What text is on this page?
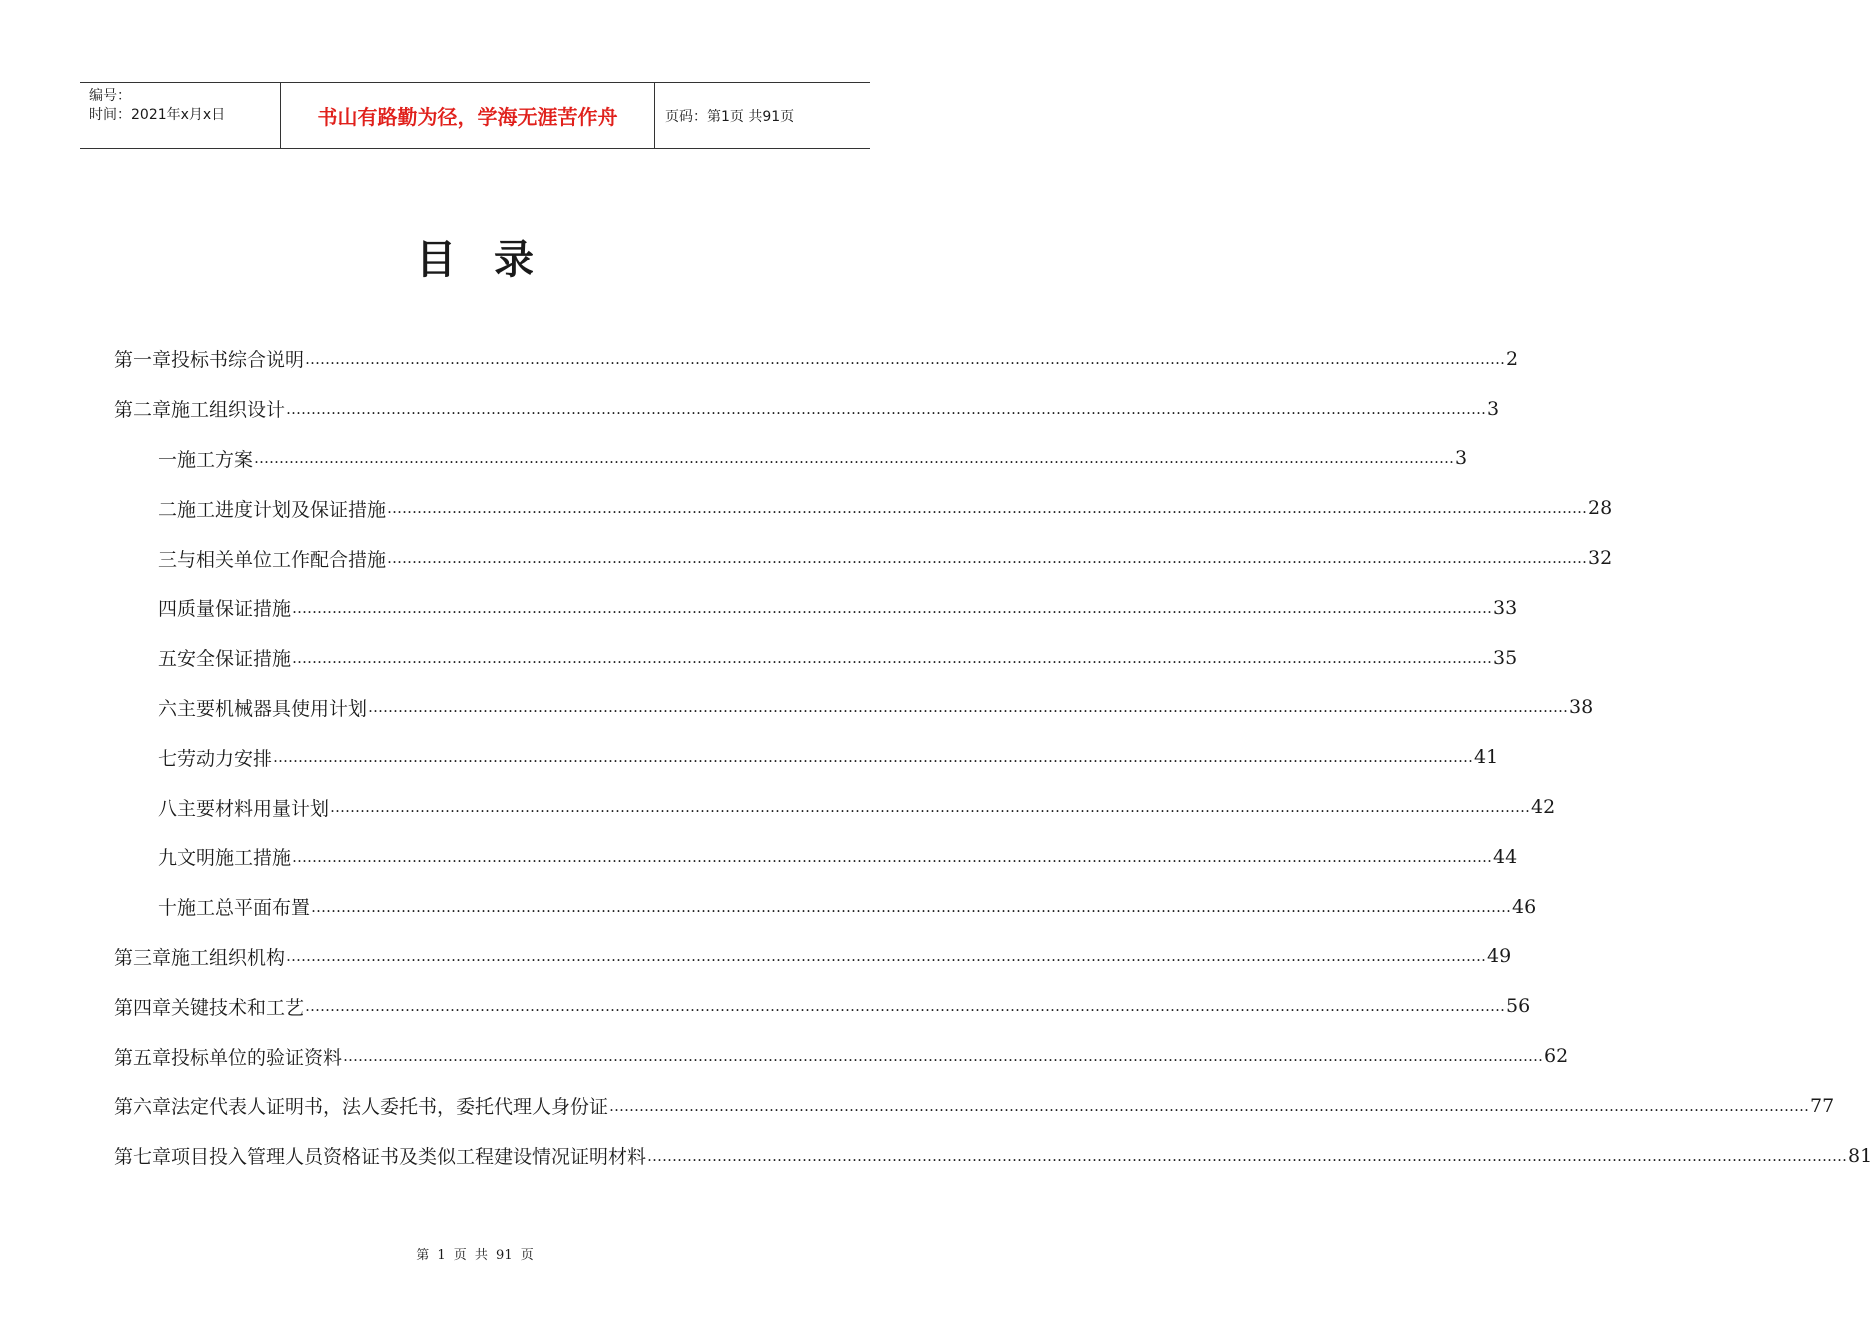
编号：
时间：2021年x月x日	书山有路勤为径，学海无涯苦作舟	页码：第1页 共91页
目录
第一章 投标书综合说明 …………………………………………………………………………………………………………………………………………………………………………………………………………………… 2
第二章 施工组织设计 …………………………………………………………………………………………………………………………………………………………………………………………………………………… 3
一 施工方案 …………………………………………………………………………………………………………………………………………………………………………………………………………………… 3
二 施工进度计划及保证措施 …………………………………………………………………………………………………………………………………………………………………………………………………………………… 28
三 与相关单位工作配合措施 …………………………………………………………………………………………………………………………………………………………………………………………………………………… 32
四 质量保证措施 …………………………………………………………………………………………………………………………………………………………………………………………………………………… 33
五 安全保证措施 …………………………………………………………………………………………………………………………………………………………………………………………………………………… 35
六 主要机械器具使用计划 …………………………………………………………………………………………………………………………………………………………………………………………………………………… 38
七 劳动力安排 …………………………………………………………………………………………………………………………………………………………………………………………………………………… 41
八 主要材料用量计划 …………………………………………………………………………………………………………………………………………………………………………………………………………………… 42
九 文明施工措施 …………………………………………………………………………………………………………………………………………………………………………………………………………………… 44
十 施工总平面布置 …………………………………………………………………………………………………………………………………………………………………………………………………………………… 46
第三章 施工组织机构 …………………………………………………………………………………………………………………………………………………………………………………………………………………… 49
第四章 关键技术和工艺 …………………………………………………………………………………………………………………………………………………………………………………………………………………… 56
第五章 投标单位的验证资料 …………………………………………………………………………………………………………………………………………………………………………………………………………………… 62
第六章 法定代表人证明书，法人委托书，委托代理人身份证 …………………………………………………………………………………………………………………………………………………………………………………………………………………… 77
第七章 项目投入管理人员资格证书及类似工程建设情况证明材料 …………………………………………………………………………………………………………………………………………………………………………………………………………………… 81
第 1 页 共 91 页
